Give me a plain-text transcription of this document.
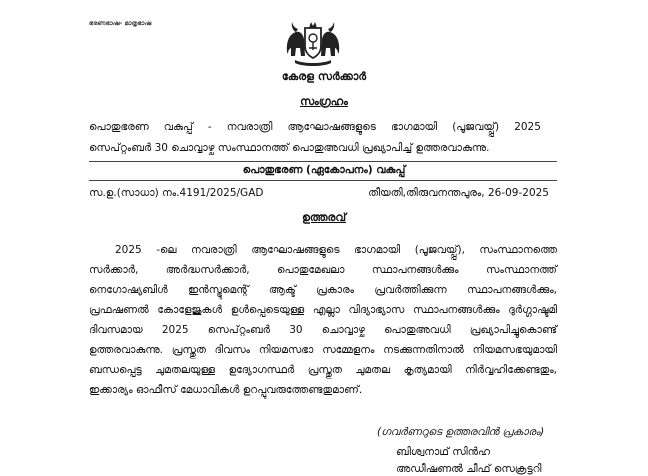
ഭരണഭാഷ- മാതൃഭാഷ
കേരള സർക്കാർ
സംഗ്രഹം
പൊതുഭരണ വകുപ്പ് - നവരാത്രി ആഘോഷങ്ങളുടെ ഭാഗമായി (പൂജവയ്പ്പ്) 2025
സെപ്റ്റംബർ 30 ചൊവ്വാഴ്ച സംസ്ഥാനത്ത് പൊതുഅവധി പ്രഖ്യാപിച്ച് ഉത്തരവാകുന്നു.
പൊതുഭരണ (ഏകോപനം) വകുപ്പ്
സ.ഉ.(സാധാ) നം.4191/2025/GAD	തീയതി,തിരുവനന്തപുരം, 26-09-2025
ഉത്തരവ്
2025 -ലെ നവരാത്രി ആഘോഷങ്ങളുടെ ഭാഗമായി (പൂജവയ്പ്പ്), സംസ്ഥാനത്തെ
സർക്കാർ,	അർദ്ധസർക്കാർ,	പൊതുമേഖലാ	സ്ഥാപനങ്ങൾക്കും	സംസ്ഥാനത്ത്
നെഗോഷ്യബിൾ ഇൻസ്ട്രുമെന്റ് ആക്ട് പ്രകാരം പ്രവർത്തിക്കുന്ന സ്ഥാപനങ്ങൾക്കും,
പ്രഫഷണൽ കോളേജുകൾ ഉൾപ്പെടെയുള്ള എല്ലാ വിദ്യാഭ്യാസ സ്ഥാപനങ്ങൾക്കും ദുർഗ്ഗാഷ്ടമി
ദിവസമായ 2025 സെപ്റ്റംബർ 30 ചൊവ്വാഴ്ച പൊതുഅവധി പ്രഖ്യാപിച്ചുകൊണ്ട്
ഉത്തരവാകുന്നു. പ്രസ്തുത ദിവസം നിയമസഭാ സമ്മേളനം നടക്കുന്നതിനാൽ നിയമസഭയുമായി
ബന്ധപ്പെട്ട ചുമതലയുള്ള ഉദ്യോഗസ്ഥർ പ്രസ്തുത ചുമതല കൃത്യമായി നിർവ്വഹിക്കേണ്ടതും,
ഇക്കാര്യം ഓഫീസ് മേധാവികൾ ഉറപ്പുവരുത്തേണ്ടതുമാണ്.
(ഗവർണറുടെ ഉത്തരവിൻ പ്രകാരം)
ബിശ്വനാഥ് സിൻഹ
അഡീഷണൽ ചീഫ് സെക്രട്ടറി
